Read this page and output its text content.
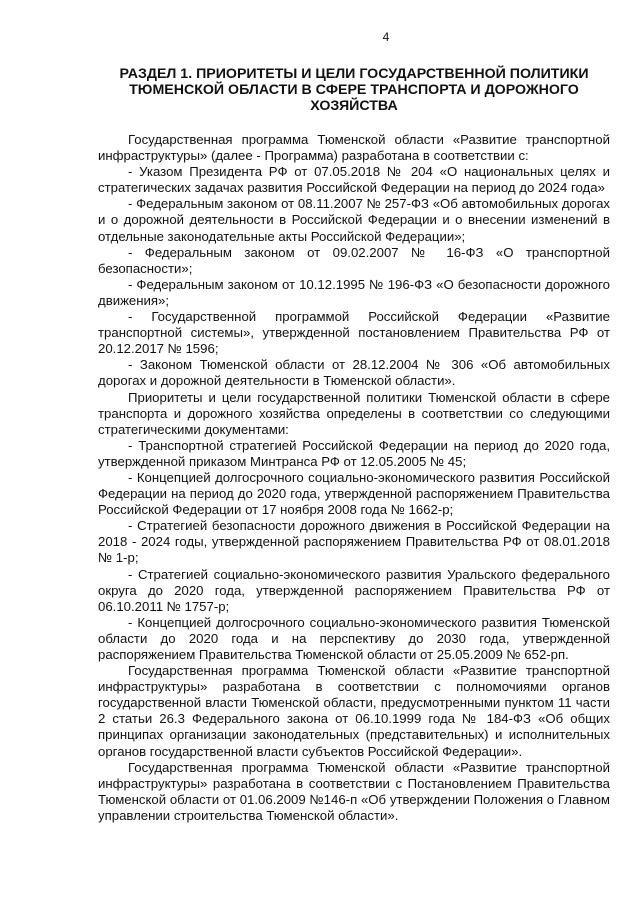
4
РАЗДЕЛ 1. ПРИОРИТЕТЫ И ЦЕЛИ ГОСУДАРСТВЕННОЙ ПОЛИТИКИ ТЮМЕНСКОЙ ОБЛАСТИ В СФЕРЕ ТРАНСПОРТА И ДОРОЖНОГО ХОЗЯЙСТВА

Государственная программа Тюменской области «Развитие транспортной инфраструктуры» (далее - Программа) разработана в соответствии с:

- Указом Президента РФ от 07.05.2018 № 204 «О национальных целях и стратегических задачах развития Российской Федерации на период до 2024 года»

- Федеральным законом от 08.11.2007 № 257-ФЗ «Об автомобильных дорогах и о дорожной деятельности в Российской Федерации и о внесении изменений в отдельные законодательные акты Российской Федерации»;

- Федеральным законом от 09.02.2007 № 16-ФЗ «О транспортной безопасности»;

- Федеральным законом от 10.12.1995 № 196-ФЗ «О безопасности дорожного движения»;

- Государственной программой Российской Федерации «Развитие транспортной системы», утвержденной постановлением Правительства РФ от 20.12.2017 № 1596;

- Законом Тюменской области от 28.12.2004 № 306 «Об автомобильных дорогах и дорожной деятельности в Тюменской области».

Приоритеты и цели государственной политики Тюменской области в сфере транспорта и дорожного хозяйства определены в соответствии со следующими стратегическими документами:

- Транспортной стратегией Российской Федерации на период до 2020 года, утвержденной приказом Минтранса РФ от 12.05.2005 № 45;

- Концепцией долгосрочного социально-экономического развития Российской Федерации на период до 2020 года, утвержденной распоряжением Правительства Российской Федерации от 17 ноября 2008 года № 1662-р;

- Стратегией безопасности дорожного движения в Российской Федерации на 2018 - 2024 годы, утвержденной распоряжением Правительства РФ от 08.01.2018 № 1-р;

- Стратегией социально-экономического развития Уральского федерального округа до 2020 года, утвержденной распоряжением Правительства РФ от 06.10.2011 № 1757-р;

- Концепцией долгосрочного социально-экономического развития Тюменской области до 2020 года и на перспективу до 2030 года, утвержденной распоряжением Правительства Тюменской области от 25.05.2009 № 652-рп.

Государственная программа Тюменской области «Развитие транспортной инфраструктуры» разработана в соответствии с полномочиями органов государственной власти Тюменской области, предусмотренными пунктом 11 части 2 статьи 26.3 Федерального закона от 06.10.1999 года № 184-ФЗ «Об общих принципах организации законодательных (представительных) и исполнительных органов государственной власти субъектов Российской Федерации».

Государственная программа Тюменской области «Развитие транспортной инфраструктуры» разработана в соответствии с Постановлением Правительства Тюменской области от 01.06.2009 №146-п «Об утверждении Положения о Главном управлении строительства Тюменской области».
